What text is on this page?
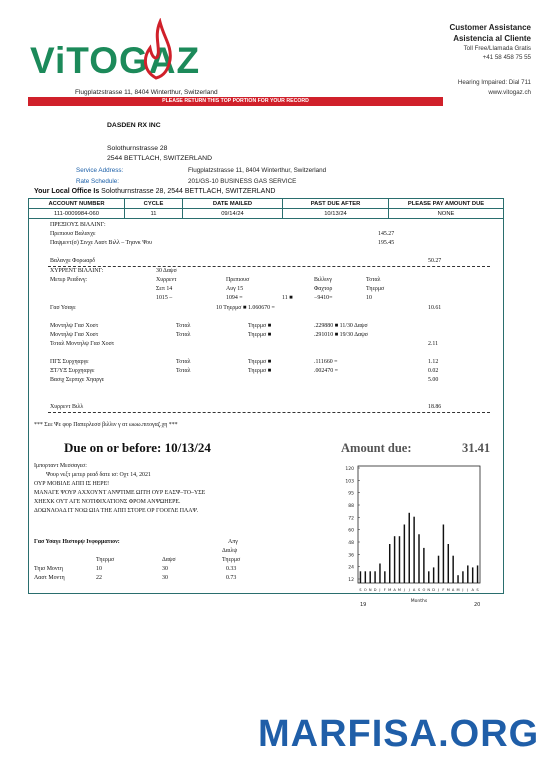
ViTOGAZ
Flugplatzstrasse 11, 8404 Winterthur, Switzerland
Customer Assistance
Asistencia al Cliente
Toll Free/Llamada Gratis
+41 58 458 75 55
Hearing Impaired: Dial 711
www.vitogaz.ch
PLEASE RETURN THIS TOP PORTION FOR YOUR RECORD
DASDEN RX INC
Solothurnstrasse 28
2544 BETTLACH, SWITZERLAND
Service Address:	Flugplatzstrasse 11, 8404 Winterthur, Switzerland
Rate Schedule:	201/GS-10 BUSINESS GAS SERVICE
Your Local Office Is Solothurnstrasse 28, 2544 BETTLACH, SWITZERLAND
ACCOUNT NUMBER	CYCLE	DATE MAILED	PAST DUE AFTER	PLEASE PAY AMOUNT DUE
111-0009984-060	11	09/14/24	10/13/24	NONE
ΠΡΕΞΙΟΥΣ ΒΙΛΛΙΝΓ:
Πρεπιουσ Βαλανχε	145.27
Παψμεντ(σ) Σινχε Λαστ Βιλλ – Τηανκ Ψου	195.45
Βαλανχε Φορωαρδ	50.27
ΧΥΡΡΕΝΤ ΒΙΛΛΙΝΓ:	30 Δαψσ
Μετερ Ρεαδινγ:	Χυρρεντ	Πρεπιουσ	Βιλλινγ	Τοταλ
Σεπ 14	Αυγ 15	Φαχτορ	Τηερμσ
1015 –	1094 =	11 ■	−9410=	10
Γασ Υσαγε	10 Τηερμσ ■ 1.060670 =	10.61
Μοντηλψ Γασ Χοστ	Τοταλ	Τηερμσ ■	.229880 ■ 11/30 Δαψσ
Μοντηλψ Γασ Χοστ	Τοταλ	Τηερμσ ■	.291010 ■ 19/30 Δαψσ
Τοταλ Μοντηλψ Γασ Χοστ	2.11
ΠΓΣ Συρχηαργε	Τοταλ	Τηερμσ ■	.111660 =	1.12
ΞΤ/ΥΞ Συρχηαργε	Τοταλ	Τηερμσ ■	.002470 =	0.02
Βασιχ Σερπιχε Χηαργε	5.00
Χυρρεντ Βιλλ	18.86
*** Σεε Ψε φορ Παπερλεσσ βιλλιν γ ατ ωωω.πιτογαζ.χη ***
Due on or before: 10/13/24	Amount due:	31.41
Ιμπορταντ Μεσσαγεσ:
Ψουρ νεξτ μετερ ρεαδ δατε ισ: Οχτ 14, 2021
ΟΥΡ ΜΟΒΙΛΕ ΑΠΠ ΙΣ ΗΕΡΕ!
ΜΑΝΑΓΕ ΨΟΥΡ ΑΧΧΟΥΝΤ ΑΝΨΤΙΜΕ ΩΙΤΗ ΟΥΡ ΕΑΣΨ–ΤΟ–ΥΣΕ
ΧΗΕΧΚ ΟΥΤ ΑΓΕ ΝΟΤΙΦΙΧΑΤΙΟΝΣ ΦΡΟΜ ΑΝΨΩΗΕΡΕ.
ΔΟΩΝΛΟΑΔ ΙΤ ΝΟΩ ΩΙΑ ΤΗΕ ΑΠΠ ΣΤΟΡΕ ΟΡ ΓΟΟΓΛΕ ΠΛΑΨ.
Γασ Υσαγε Ηιστορψ Ινφορματιον:	Απγ
Δαιλψ
Τηερμσ	Δαψσ	Τηερμσ
Τηισ Μοντη	10	30	0.33
Λαστ Μοντη	22	30	0.73
120
103
95
88
72
60
48
36
24
12
S O N D J F M A M J J A S O N D J F M A M J J A S
Months
19	20
MARFISA.ORG
